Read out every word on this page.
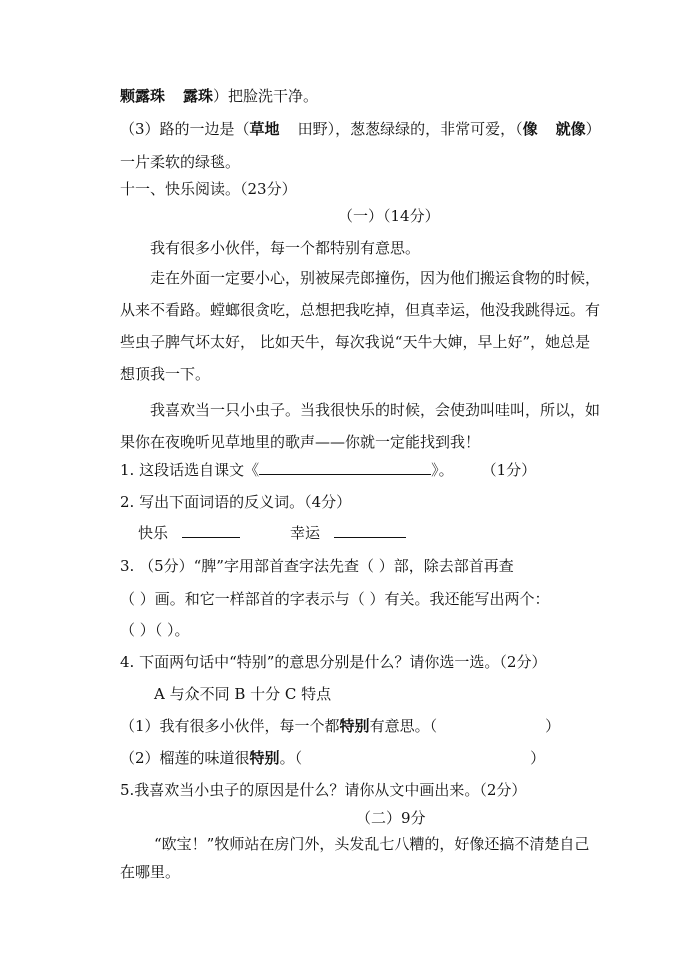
颗露珠 露珠）把脸洗干净。
（3）路的一边是（草地 田野），葱葱绿绿的，非常可爱，（像 就像）
一片柔软的绿毯。
十一、快乐阅读。（23分）
（一）（14分）
我有很多小伙伴，每一个都特别有意思。
走在外面一定要小心，别被屎壳郎撞伤，因为他们搬运食物的时候，
从来不看路。螳螂很贪吃，总想把我吃掉，但真幸运，他没我跳得远。有
些虫子脾气坏太好， 比如天牛，每次我说“天牛大婶，早上好”，她总是
想顶我一下。
我喜欢当一只小虫子。当我很快乐的时候，会使劲叫哇叫，所以，如
果你在夜晚听见草地里的歌声——你就一定能找到我！
1. 这段话选自课文《	》。 （1分）
2. 写出下面词语的反义词。（4分）
快乐	幸运
3. （5分）“脾”字用部首查字法先查（ ）部，除去部首再查
（ ）画。和它一样部首的字表示与（ ）有关。我还能写出两个：
（ ）（ ）。
4. 下面两句话中“特别”的意思分别是什么？请你选一选。（2分）
A 与众不同 B 十分 C 特点
（1）我有很多小伙伴，每一个都特别有意思。（	）
（2）榴莲的味道很特别。（	）
5.我喜欢当小虫子的原因是什么？请你从文中画出来。（2分）
（二）9分
“欧宝！”牧师站在房门外，头发乱七八糟的，好像还搞不清楚自己
在哪里。
